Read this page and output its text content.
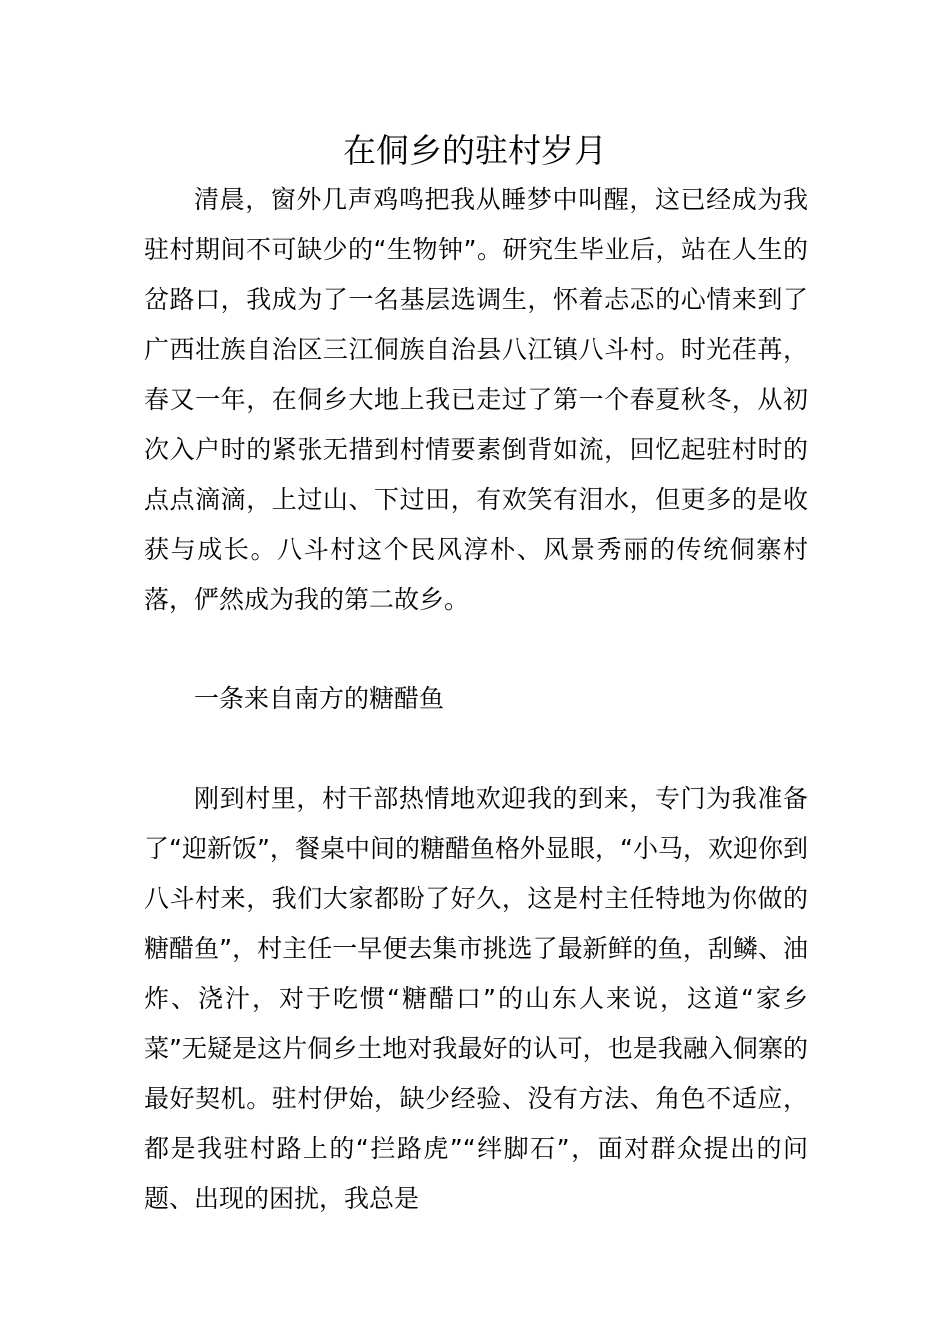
在侗乡的驻村岁月

清晨，窗外几声鸡鸣把我从睡梦中叫醒，这已经成为我驻村期间不可缺少的“生物钟”。研究生毕业后，站在人生的岔路口，我成为了一名基层选调生，怀着忐忑的心情来到了广西壮族自治区三江侗族自治县八江镇八斗村。时光荏苒，春又一年，在侗乡大地上我已走过了第一个春夏秋冬，从初次入户时的紧张无措到村情要素倒背如流，回忆起驻村时的点点滴滴，上过山、下过田，有欢笑有泪水，但更多的是收获与成长。八斗村这个民风淳朴、风景秀丽的传统侗寨村落，俨然成为我的第二故乡。

一条来自南方的糖醋鱼

刚到村里，村干部热情地欢迎我的到来，专门为我准备了“迎新饭”，餐桌中间的糖醋鱼格外显眼，“小马，欢迎你到八斗村来，我们大家都盼了好久，这是村主任特地为你做的糖醋鱼”，村主任一早便去集市挑选了最新鲜的鱼，刮鳞、油炸、浇汁，对于吃惯“糖醋口”的山东人来说，这道“家乡菜”无疑是这片侗乡土地对我最好的认可，也是我融入侗寨的最好契机。驻村伊始，缺少经验、没有方法、角色不适应，都是我驻村路上的“拦路虎”“绊脚石”，面对群众提出的问题、出现的困扰，我总是
